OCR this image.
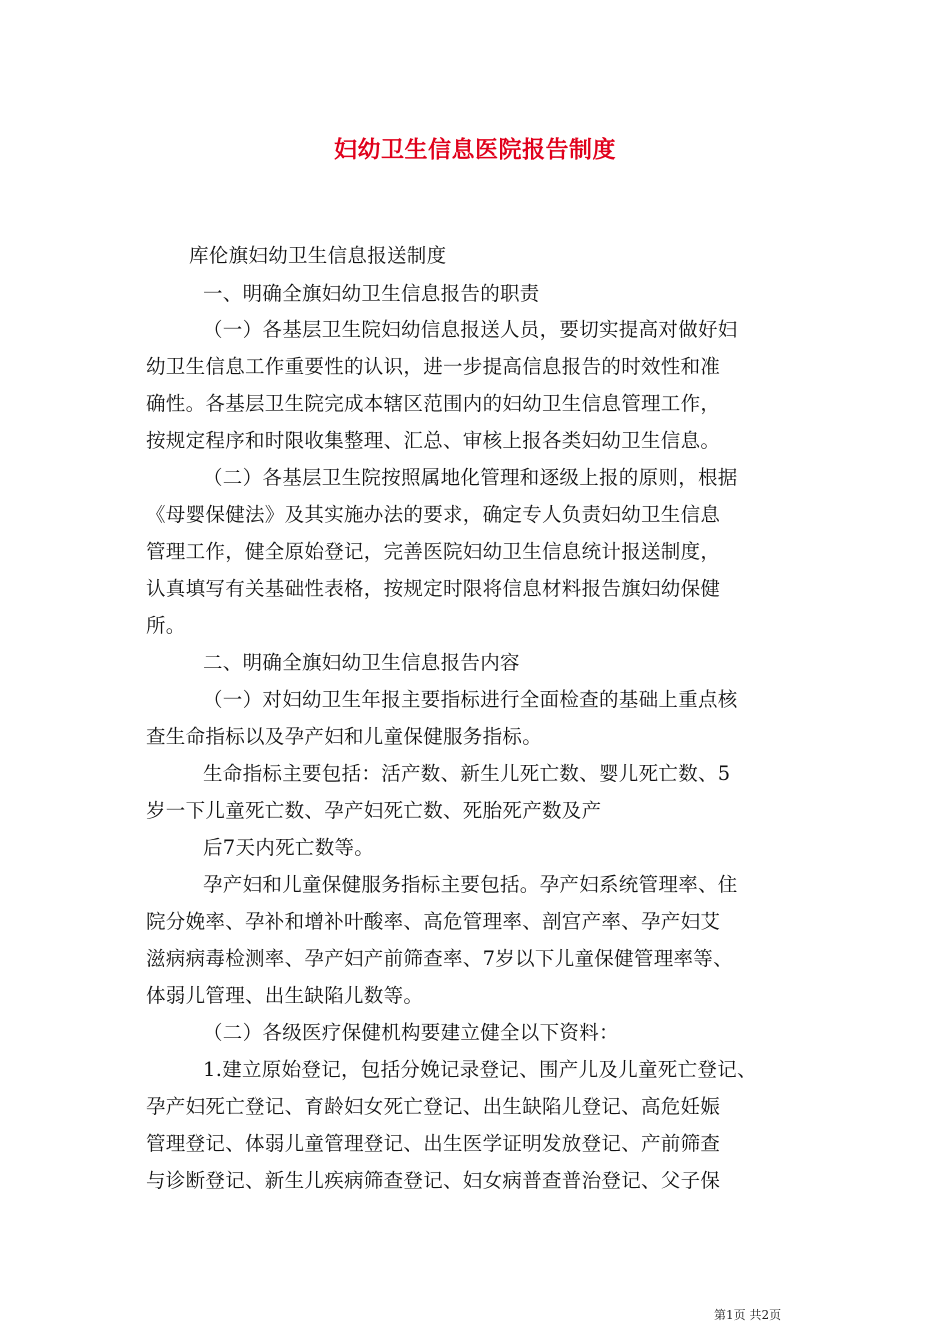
妇幼卫生信息医院报告制度
库伦旗妇幼卫生信息报送制度
一、明确全旗妇幼卫生信息报告的职责
（一）各基层卫生院妇幼信息报送人员，要切实提高对做好妇
幼卫生信息工作重要性的认识，进一步提高信息报告的时效性和准
确性。各基层卫生院完成本辖区范围内的妇幼卫生信息管理工作，
按规定程序和时限收集整理、汇总、审核上报各类妇幼卫生信息。
（二）各基层卫生院按照属地化管理和逐级上报的原则，根据
《母婴保健法》及其实施办法的要求，确定专人负责妇幼卫生信息
管理工作，健全原始登记，完善医院妇幼卫生信息统计报送制度，
认真填写有关基础性表格，按规定时限将信息材料报告旗妇幼保健
所。
二、明确全旗妇幼卫生信息报告内容
（一）对妇幼卫生年报主要指标进行全面检查的基础上重点核
查生命指标以及孕产妇和儿童保健服务指标。
生命指标主要包括：活产数、新生儿死亡数、婴儿死亡数、5
岁一下儿童死亡数、孕产妇死亡数、死胎死产数及产
后7天内死亡数等。
孕产妇和儿童保健服务指标主要包括。孕产妇系统管理率、住
院分娩率、孕补和增补叶酸率、高危管理率、剖宫产率、孕产妇艾
滋病病毒检测率、孕产妇产前筛查率、7岁以下儿童保健管理率等、
体弱儿管理、出生缺陷儿数等。
（二）各级医疗保健机构要建立健全以下资料：
1.建立原始登记，包括分娩记录登记、围产儿及儿童死亡登记、
孕产妇死亡登记、育龄妇女死亡登记、出生缺陷儿登记、高危妊娠
管理登记、体弱儿童管理登记、出生医学证明发放登记、产前筛查
与诊断登记、新生儿疾病筛查登记、妇女病普查普治登记、父子保
第1页 共2页
